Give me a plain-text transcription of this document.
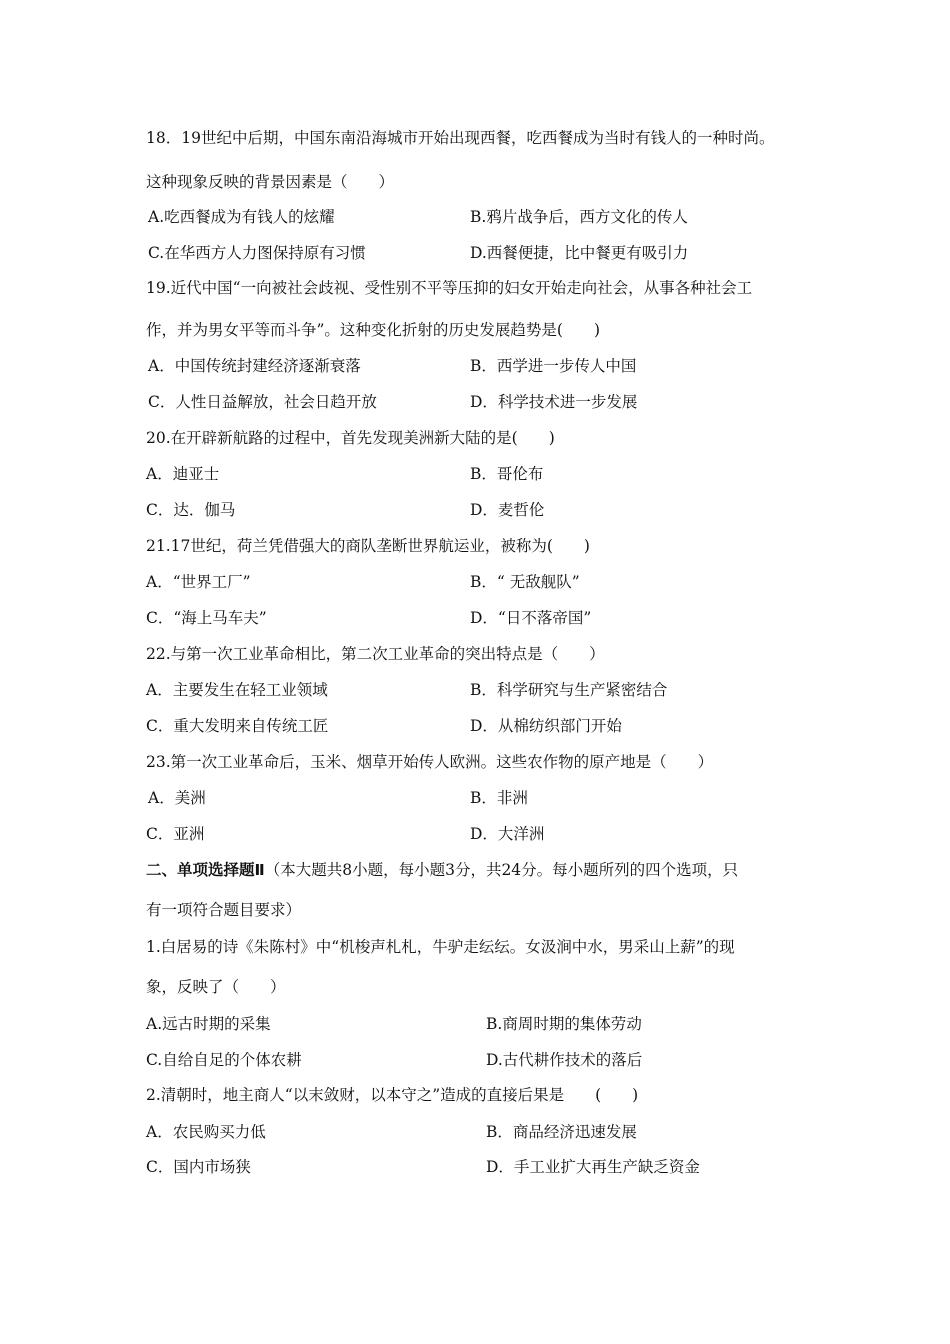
18．19世纪中后期，中国东南沿海城市开始出现西餐，吃西餐成为当时有钱人的一种时尚。
这种现象反映的背景因素是（　　）
A.吃西餐成为有钱人的炫耀	B.鸦片战争后，西方文化的传人
C.在华西方人力图保持原有习惯	D.西餐便捷，比中餐更有吸引力
19.近代中国“一向被社会歧视、受性别不平等压抑的妇女开始走向社会，从事各种社会工
作，并为男女平等而斗争”。这种变化折射的历史发展趋势是(　　)
A．中国传统封建经济逐渐衰落	B．西学进一步传人中国
C．人性日益解放，社会日趋开放	D．科学技术进一步发展
20.在开辟新航路的过程中，首先发现美洲新大陆的是(　　)
A．迪亚士	B．哥伦布
C．达．伽马	D．麦哲伦
21.17世纪，荷兰凭借强大的商队垄断世界航运业，被称为(　　)
A．“世界工厂”	B．“ 无敌舰队”
C．“海上马车夫”	D．“日不落帝国”
22.与第一次工业革命相比，第二次工业革命的突出特点是（　　）
A．主要发生在轻工业领域	B．科学研究与生产紧密结合
C．重大发明来自传统工匠	D．从棉纺织部门开始
23.第一次工业革命后，玉米、烟草开始传人欧洲。这些农作物的原产地是（　　）
A．美洲	B．非洲
C．亚洲	D．大洋洲
二、单项选择题Ⅱ（本大题共8小题，每小题3分，共24分。每小题所列的四个选项，只
有一项符合题目要求）
1.白居易的诗《朱陈村》中“机梭声札札，牛驴走纭纭。女汲涧中水，男采山上薪”的现
象，反映了（　　）
A.远古时期的采集	B.商周时期的集体劳动
C.自给自足的个体农耕	D.古代耕作技术的落后
2.清朝时，地主商人“以末敛财，以本守之”造成的直接后果是　　(　　)
A．农民购买力低	B．商品经济迅速发展
C．国内市场狭	D．手工业扩大再生产缺乏资金
